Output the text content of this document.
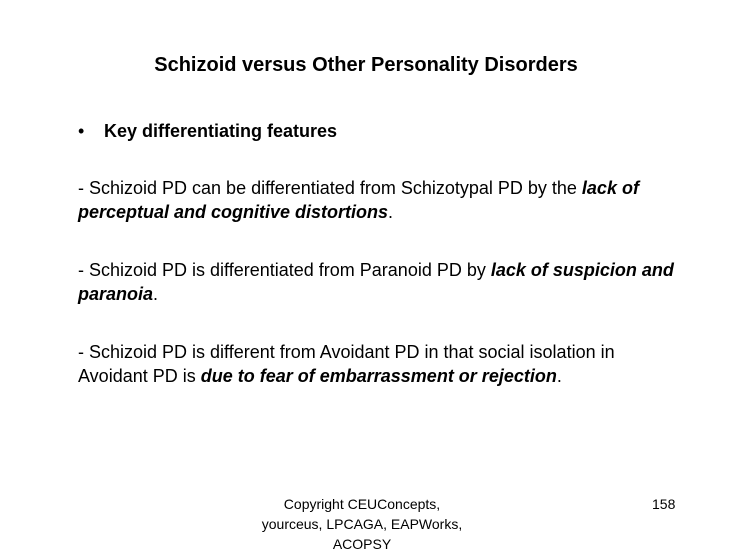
Schizoid versus Other Personality Disorders
• Key differentiating features
- Schizoid PD can be differentiated from Schizotypal PD by the lack of perceptual and cognitive distortions.
- Schizoid PD is differentiated from Paranoid PD by lack of suspicion and paranoia.
- Schizoid PD is different from Avoidant PD in that social isolation in Avoidant PD is due to fear of embarrassment or rejection.
Copyright CEUConcepts, yourceus, LPCAGA, EAPWorks, ACOPSY
158
